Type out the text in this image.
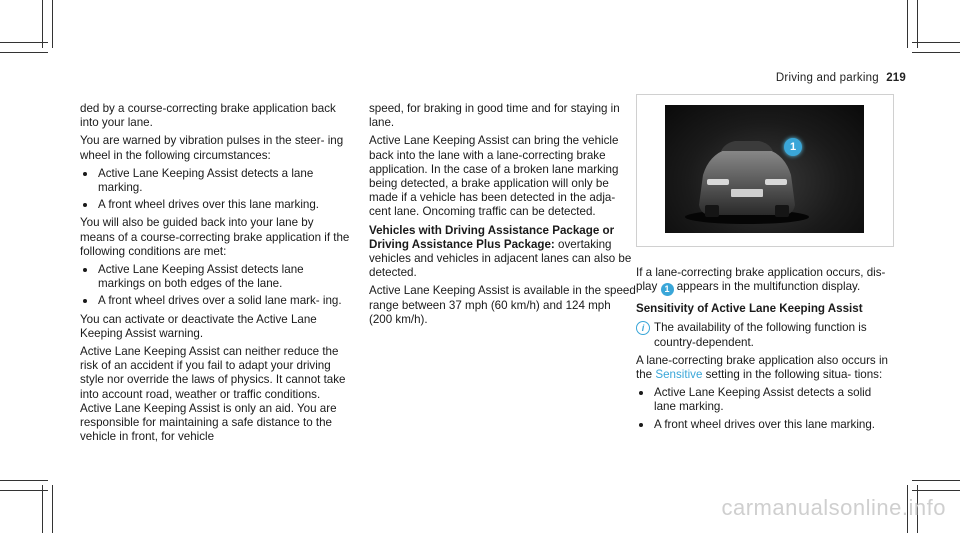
Driving and parking 219

ded by a course-correcting brake application back into your lane.

You are warned by vibration pulses in the steer- ing wheel in the following circumstances:

Active Lane Keeping Assist detects a lane marking.
A front wheel drives over this lane marking.

You will also be guided back into your lane by means of a course-correcting brake application if the following conditions are met:

Active Lane Keeping Assist detects lane markings on both edges of the lane.
A front wheel drives over a solid lane mark- ing.

You can activate or deactivate the Active Lane Keeping Assist warning.

Active Lane Keeping Assist can neither reduce the risk of an accident if you fail to adapt your driving style nor override the laws of physics. It cannot take into account road, weather or traffic conditions. Active Lane Keeping Assist is only an aid. You are responsible for maintaining a safe distance to the vehicle in front, for vehicle

speed, for braking in good time and for staying in lane.

Active Lane Keeping Assist can bring the vehicle back into the lane with a lane-correcting brake application. In the case of a broken lane marking being detected, a brake application will only be made if a vehicle has been detected in the adja- cent lane. Oncoming traffic can be detected.

Vehicles with Driving Assistance Package or Driving Assistance Plus Package: overtaking vehicles and vehicles in adjacent lanes can also be detected.

Active Lane Keeping Assist is available in the speed range between 37 mph (60 km/h) and 124 mph (200 km/h).

1

If a lane-correcting brake application occurs, dis- play 1 appears in the multifunction display.

Sensitivity of Active Lane Keeping Assist

i The availability of the following function is country-dependent.

A lane-correcting brake application also occurs in the Sensitive setting in the following situa- tions:

Active Lane Keeping Assist detects a solid lane marking.
A front wheel drives over this lane marking.
carmanualsonline.info
